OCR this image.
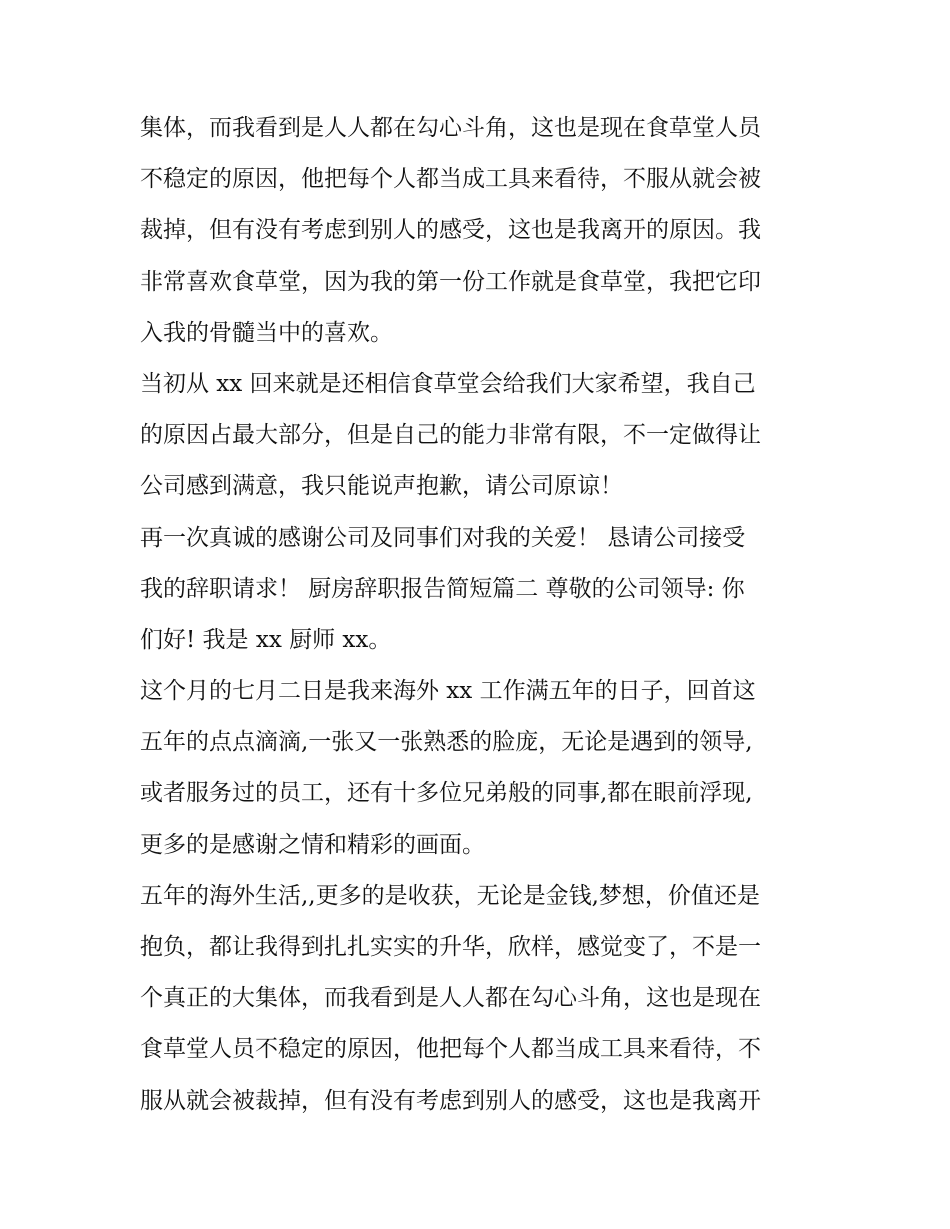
集体，而我看到是人人都在勾心斗角，这也是现在食草堂人员
不稳定的原因，他把每个人都当成工具来看待，不服从就会被
裁掉，但有没有考虑到别人的感受，这也是我离开的原因。我
非常喜欢食草堂，因为我的第一份工作就是食草堂，我把它印
入我的骨髓当中的喜欢。
当初从 xx 回来就是还相信食草堂会给我们大家希望，我自己
的原因占最大部分，但是自己的能力非常有限，不一定做得让
公司感到满意，我只能说声抱歉，请公司原谅！
再一次真诚的感谢公司及同事们对我的关爱！ 恳请公司接受
我的辞职请求！ 厨房辞职报告简短篇二 尊敬的公司领导: 你
们好! 我是 xx 厨师 xx。
这个月的七月二日是我来海外 xx 工作满五年的日子，回首这
五年的点点滴滴,一张又一张熟悉的脸庞，无论是遇到的领导,
或者服务过的员工，还有十多位兄弟般的同事,都在眼前浮现,
更多的是感谢之情和精彩的画面。
五年的海外生活,,更多的是收获，无论是金钱,梦想，价值还是
抱负，都让我得到扎扎实实的升华，欣样，感觉变了，不是一
个真正的大集体，而我看到是人人都在勾心斗角，这也是现在
食草堂人员不稳定的原因，他把每个人都当成工具来看待，不
服从就会被裁掉，但有没有考虑到别人的感受，这也是我离开
